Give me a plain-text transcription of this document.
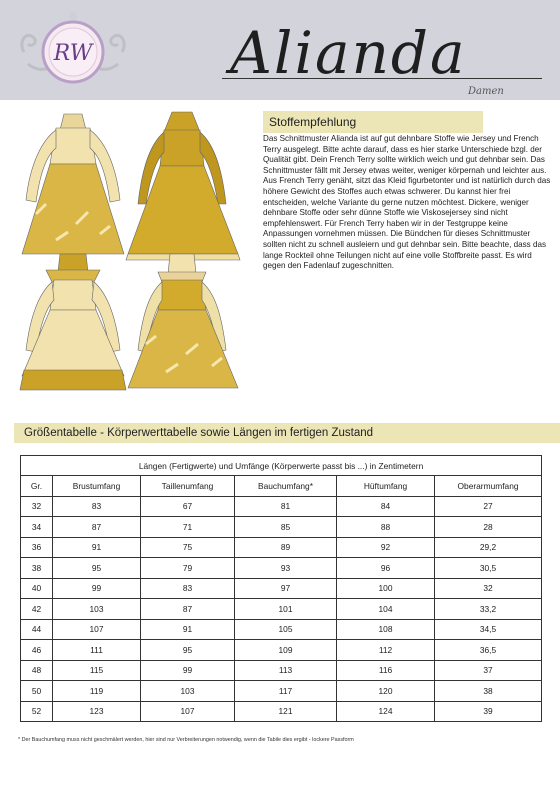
RW Alianda
Damen
Stoffempfehlung

Das Schnittmuster Alianda ist auf gut dehnbare Stoffe wie Jersey und French Terry ausgelegt. Bitte achte darauf, dass es hier starke Unterschiede bzgl. der Qualität gibt. Dein French Terry sollte wirklich weich und gut dehnbar sein. Das Schnittmuster fällt mit Jersey etwas weiter, weniger körpernah und leichter aus. Aus French Terry genäht, sitzt das Kleid figurbetonter und ist natürlich durch das höhere Gewicht des Stoffes auch etwas schwerer. Du kannst hier frei entscheiden, welche Variante du gerne nutzen möchtest. Dickere, weniger dehnbare Stoffe oder sehr dünne Stoffe wie Viskosejersey sind nicht empfehlenswert. Für French Terry haben wir in der Testgruppe keine Anpassungen vornehmen müssen. Die Bündchen für dieses Schnittmuster sollten nicht zu schnell ausleiern und gut dehnbar sein. Bitte beachte, dass das lange Rockteil ohne Teilungen nicht auf eine volle Stoffbreite passt. Es wird gegen den Fadenlauf zugeschnitten.

Größentabelle - Körperwerttabelle sowie Längen im fertigen Zustand
Längen (Fertigwerte) und Umfänge (Körperwerte passt bis ...) in Zentimetern					
Gr.	Brustumfang	Taillenumfang	Bauchumfang*	Hüftumfang	Oberarmumfang
32	83	67	81	84	27
34	87	71	85	88	28
36	91	75	89	92	29,2
38	95	79	93	96	30,5
40	99	83	97	100	32
42	103	87	101	104	33,2
44	107	91	105	108	34,5
46	111	95	109	112	36,5
48	115	99	113	116	37
50	119	103	117	120	38
52	123	107	121	124	39

* Der Bauchumfang muss nicht geschmälert werden, hier sind nur Verbreiterungen notwendig, wenn die Tabile dies ergibt - lockere Passform
